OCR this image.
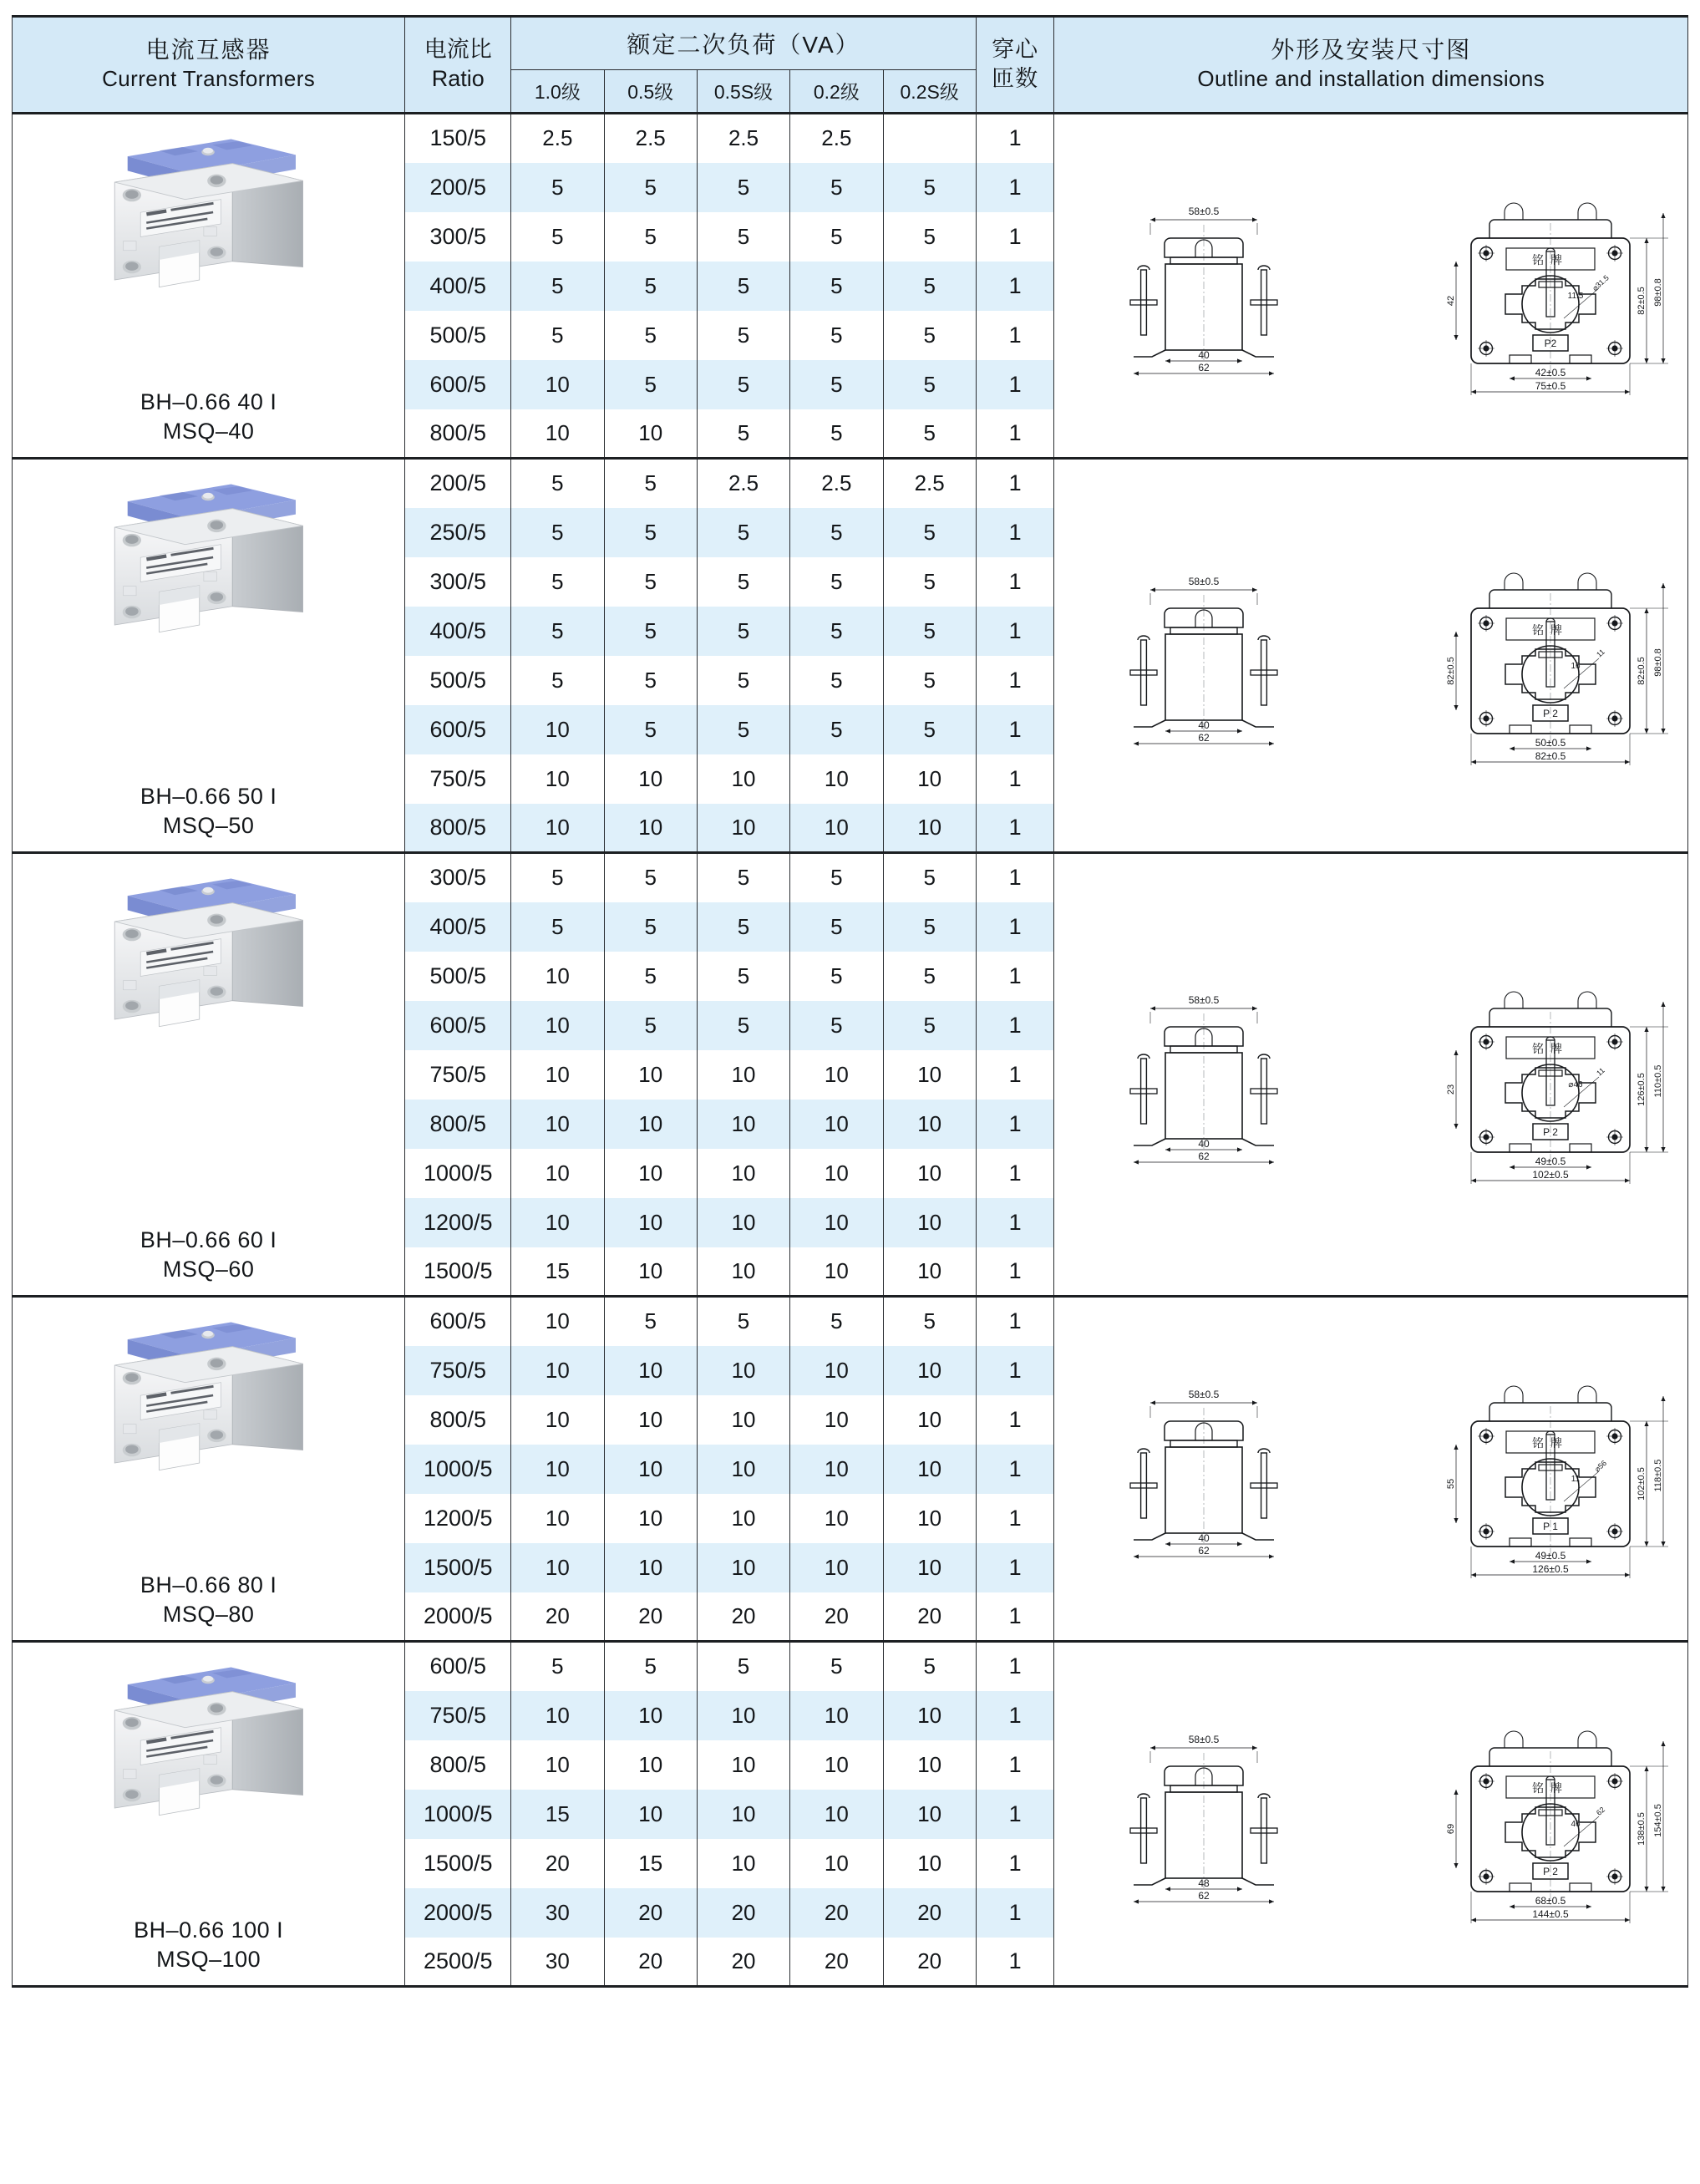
电流互感器
Current Transformers

电流比
Ratio

额定二次负荷（VA）	穿心
匝数

外形及安装尺寸图
Outline and installation dimensions

		1.0级	0.5级	0.5S级	0.2级	0.2S级		

BH–0.66 40 I
MSQ–40
	150/5	2.5	2.5	2.5	2.5		1	
58±0.5
40
62
铭牌
P2
11.5
⌀31.5
82±0.5 98±0.8
42
42±0.5
75±0.5

	200/5	5	5	5	5	5	1	
	300/5	5	5	5	5	5	1	
	400/5	5	5	5	5	5	1	
	500/5	5	5	5	5	5	1	
	600/5	10	5	5	5	5	1	
	800/5	10	10	5	5	5	1	

BH–0.66 50 I
MSQ–50
	200/5	5	5	2.5	2.5	2.5	1	
58±0.5
40
62
铭牌
P 2
16
11
82±0.5 98±0.8
82±0.5
50±0.5
82±0.5

	250/5	5	5	5	5	5	1	
	300/5	5	5	5	5	5	1	
	400/5	5	5	5	5	5	1	
	500/5	5	5	5	5	5	1	
	600/5	10	5	5	5	5	1	
	750/5	10	10	10	10	10	1	
	800/5	10	10	10	10	10	1	

BH–0.66 60 I
MSQ–60
	300/5	5	5	5	5	5	1	
58±0.5
40
62
铭牌
P 2
⌀46
11
126±0.5 110±0.5
23
49±0.5
102±0.5

	400/5	5	5	5	5	5	1	
	500/5	10	5	5	5	5	1	
	600/5	10	5	5	5	5	1	
	750/5	10	10	10	10	10	1	
	800/5	10	10	10	10	10	1	
	1000/5	10	10	10	10	10	1	
	1200/5	10	10	10	10	10	1	
	1500/5	15	10	10	10	10	1	

BH–0.66 80 I
MSQ–80
	600/5	10	5	5	5	5	1	
58±0.5
40
62
铭牌
P 1
11
⌀56
102±0.5 118±0.5
55
49±0.5
126±0.5

	750/5	10	10	10	10	10	1	
	800/5	10	10	10	10	10	1	
	1000/5	10	10	10	10	10	1	
	1200/5	10	10	10	10	10	1	
	1500/5	10	10	10	10	10	1	
	2000/5	20	20	20	20	20	1	

BH–0.66 100 I
MSQ–100
	600/5	5	5	5	5	5	1	
58±0.5
48
62
铭牌
P 2
46
62
138±0.5 154±0.5
69
68±0.5
144±0.5

	750/5	10	10	10	10	10	1	
	800/5	10	10	10	10	10	1	
	1000/5	15	10	10	10	10	1	
	1500/5	20	15	10	10	10	1	
	2000/5	30	20	20	20	20	1	
	2500/5	30	20	20	20	20	1	
